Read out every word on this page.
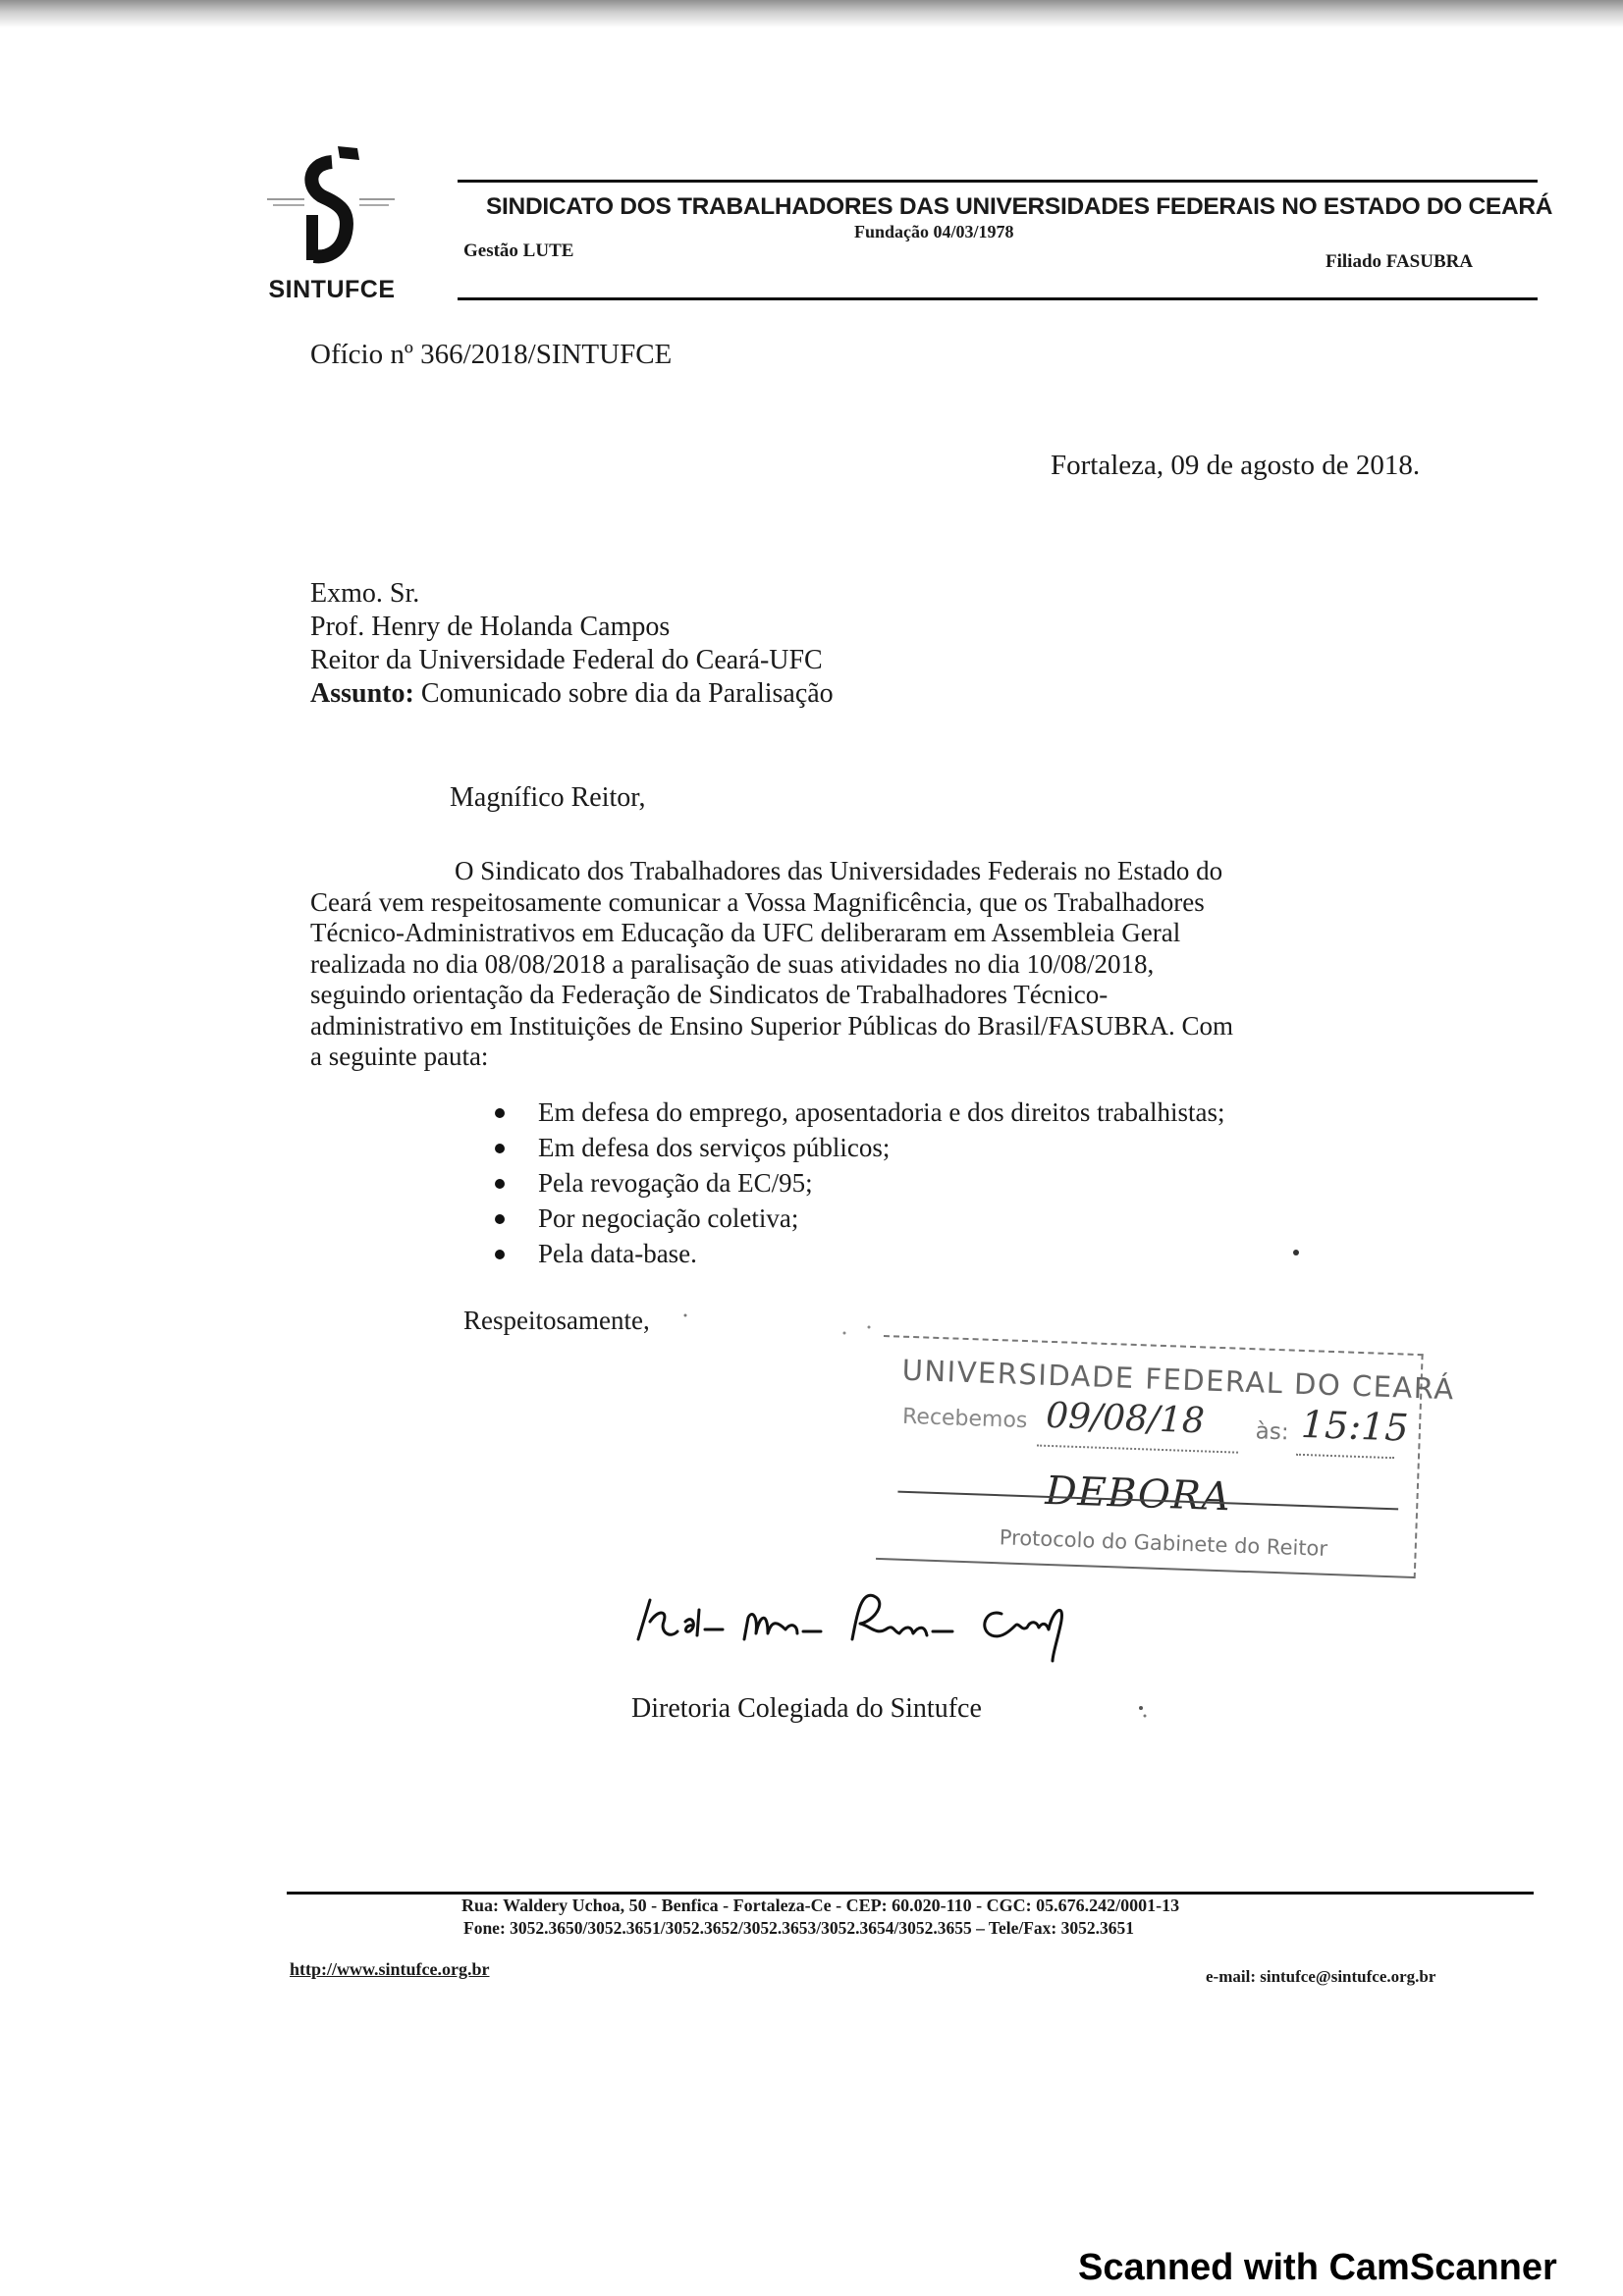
SINTUFCE
SINDICATO DOS TRABALHADORES DAS UNIVERSIDADES FEDERAIS NO ESTADO DO CEARÁ
Fundação 04/03/1978
Gestão LUTE
Filiado FASUBRA
Ofício nº 366/2018/SINTUFCE
Fortaleza, 09 de agosto de 2018.
Exmo. Sr.
Prof. Henry de Holanda Campos
Reitor da Universidade Federal do Ceará-UFC
Assunto: Comunicado sobre dia da Paralisação
Magnífico Reitor,
O Sindicato dos Trabalhadores das Universidades Federais no Estado do
Ceará vem respeitosamente comunicar a Vossa Magnificência, que os Trabalhadores
Técnico-Administrativos em Educação da UFC deliberaram em Assembleia Geral
realizada no dia 08/08/2018 a paralisação de suas atividades no dia 10/08/2018,
seguindo orientação da Federação de Sindicatos de Trabalhadores Técnico-
administrativo em Instituições de Ensino Superior Públicas do Brasil/FASUBRA. Com
a seguinte pauta:
Em defesa do emprego, aposentadoria e dos direitos trabalhistas;
Em defesa dos serviços públicos;
Pela revogação da EC/95;
Por negociação coletiva;
Pela data-base.
Respeitosamente,
UNIVERSIDADE FEDERAL DO CEARÁ
Recebemos 09/08/18 às: 15:15
DEBORA
Protocolo do Gabinete do Reitor
Diretoria Colegiada do Sintufce
Rua: Waldery Uchoa, 50 - Benfica - Fortaleza-Ce - CEP: 60.020-110 - CGC: 05.676.242/0001-13
Fone: 3052.3650/3052.3651/3052.3652/3052.3653/3052.3654/3052.3655 – Tele/Fax: 3052.3651
http://www.sintufce.org.br	e-mail: sintufce@sintufce.org.br
Scanned with CamScanner
